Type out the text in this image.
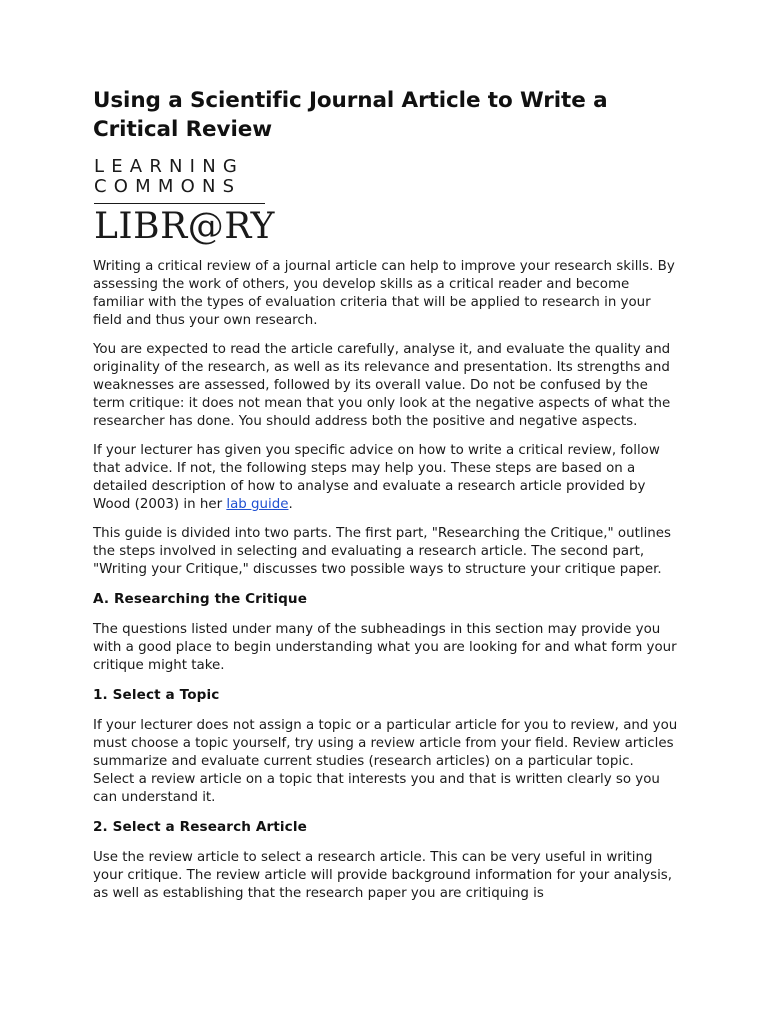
Using a Scientific Journal Article to Write a Critical Review
LEARNING
COMMONS
LIBR@RY

Writing a critical review of a journal article can help to improve your research skills. By assessing the work of others, you develop skills as a critical reader and become familiar with the types of evaluation criteria that will be applied to research in your field and thus your own research.

You are expected to read the article carefully, analyse it, and evaluate the quality and originality of the research, as well as its relevance and presentation. Its strengths and weaknesses are assessed, followed by its overall value. Do not be confused by the term critique: it does not mean that you only look at the negative aspects of what the researcher has done. You should address both the positive and negative aspects.

If your lecturer has given you specific advice on how to write a critical review, follow that advice. If not, the following steps may help you. These steps are based on a detailed description of how to analyse and evaluate a research article provided by Wood (2003) in her lab guide.

This guide is divided into two parts. The first part, "Researching the Critique," outlines the steps involved in selecting and evaluating a research article. The second part, "Writing your Critique," discusses two possible ways to structure your critique paper.

A. Researching the Critique

The questions listed under many of the subheadings in this section may provide you with a good place to begin understanding what you are looking for and what form your critique might take.

1. Select a Topic

If your lecturer does not assign a topic or a particular article for you to review, and you must choose a topic yourself, try using a review article from your field. Review articles summarize and evaluate current studies (research articles) on a particular topic. Select a review article on a topic that interests you and that is written clearly so you can understand it.

2. Select a Research Article

Use the review article to select a research article. This can be very useful in writing your critique. The review article will provide background information for your analysis, as well as establishing that the research paper you are critiquing is
